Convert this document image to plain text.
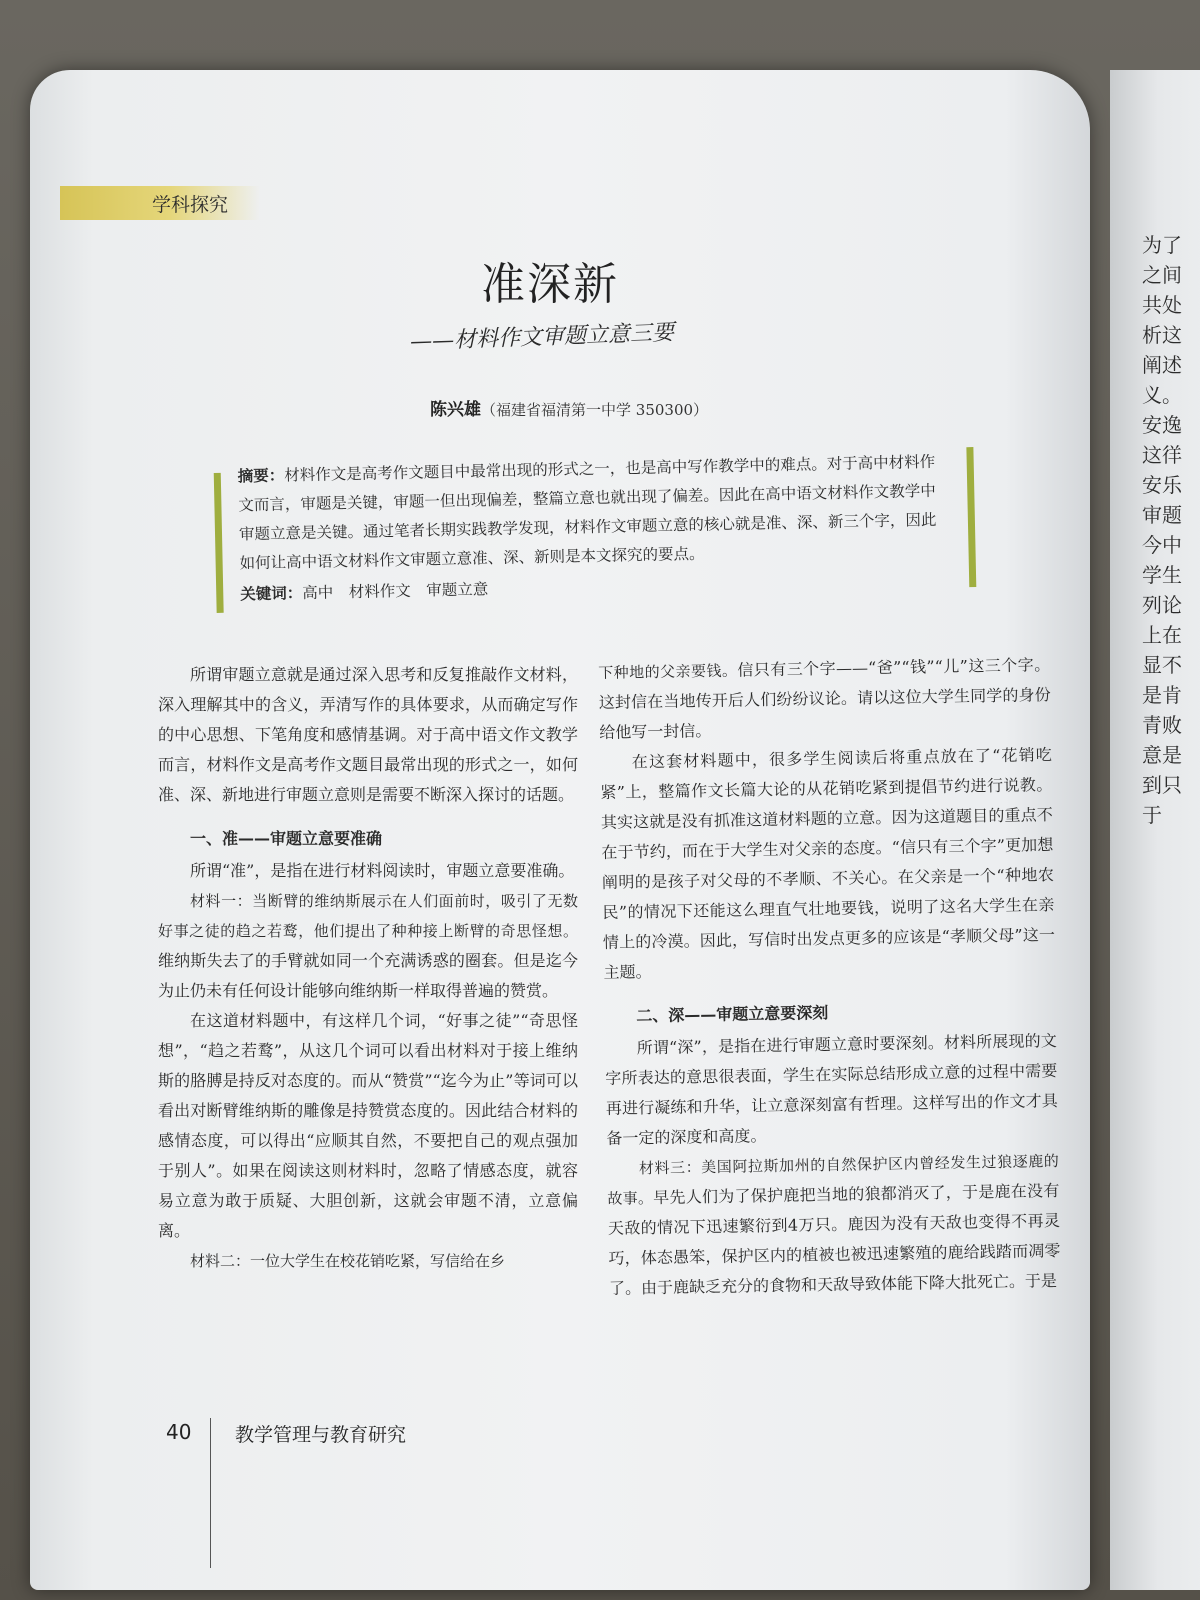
为了之间共处析这阐述义。安逸这徉安乐审题今中学生列论上在显不是肯青败意是到只于
学科探究
准深新
——材料作文审题立意三要
陈兴雄（福建省福清第一中学 350300）
摘要：材料作文是高考作文题目中最常出现的形式之一，也是高中写作教学中的难点。对于高中材料作文而言，审题是关键，审题一但出现偏差，整篇立意也就出现了偏差。因此在高中语文材料作文教学中审题立意是关键。通过笔者长期实践教学发现，材料作文审题立意的核心就是准、深、新三个字，因此如何让高中语文材料作文审题立意准、深、新则是本文探究的要点。
关键词：高中　材料作文　审题立意

所谓审题立意就是通过深入思考和反复推敲作文材料，深入理解其中的含义，弄清写作的具体要求，从而确定写作的中心思想、下笔角度和感情基调。对于高中语文作文教学而言，材料作文是高考作文题目最常出现的形式之一，如何准、深、新地进行审题立意则是需要不断深入探讨的话题。

一、准——审题立意要准确

所谓“准”，是指在进行材料阅读时，审题立意要准确。

材料一：当断臂的维纳斯展示在人们面前时，吸引了无数好事之徒的趋之若鹜，他们提出了种种接上断臂的奇思怪想。维纳斯失去了的手臂就如同一个充满诱惑的圈套。但是迄今为止仍未有任何设计能够向维纳斯一样取得普遍的赞赏。

在这道材料题中，有这样几个词，“好事之徒”“奇思怪想”，“趋之若鹜”，从这几个词可以看出材料对于接上维纳斯的胳膊是持反对态度的。而从“赞赏”“迄今为止”等词可以看出对断臂维纳斯的雕像是持赞赏态度的。因此结合材料的感情态度，可以得出“应顺其自然，不要把自己的观点强加于别人”。如果在阅读这则材料时，忽略了情感态度，就容易立意为敢于质疑、大胆创新，这就会审题不清，立意偏离。

材料二：一位大学生在校花销吃紧，写信给在乡

下种地的父亲要钱。信只有三个字——“爸”“钱”“儿”这三个字。这封信在当地传开后人们纷纷议论。请以这位大学生同学的身份给他写一封信。

在这套材料题中，很多学生阅读后将重点放在了“花销吃紧”上，整篇作文长篇大论的从花销吃紧到提倡节约进行说教。其实这就是没有抓准这道材料题的立意。因为这道题目的重点不在于节约，而在于大学生对父亲的态度。“信只有三个字”更加想阐明的是孩子对父母的不孝顺、不关心。在父亲是一个“种地农民”的情况下还能这么理直气壮地要钱，说明了这名大学生在亲情上的冷漠。因此，写信时出发点更多的应该是“孝顺父母”这一主题。

二、深——审题立意要深刻

所谓“深”，是指在进行审题立意时要深刻。材料所展现的文字所表达的意思很表面，学生在实际总结形成立意的过程中需要再进行凝练和升华，让立意深刻富有哲理。这样写出的作文才具备一定的深度和高度。

材料三：美国阿拉斯加州的自然保护区内曾经发生过狼逐鹿的故事。早先人们为了保护鹿把当地的狼都消灭了，于是鹿在没有天敌的情况下迅速繁衍到4万只。鹿因为没有天敌也变得不再灵巧，体态愚笨，保护区内的植被也被迅速繁殖的鹿给践踏而凋零了。由于鹿缺乏充分的食物和天敌导致体能下降大批死亡。于是

40 教学管理与教育研究
